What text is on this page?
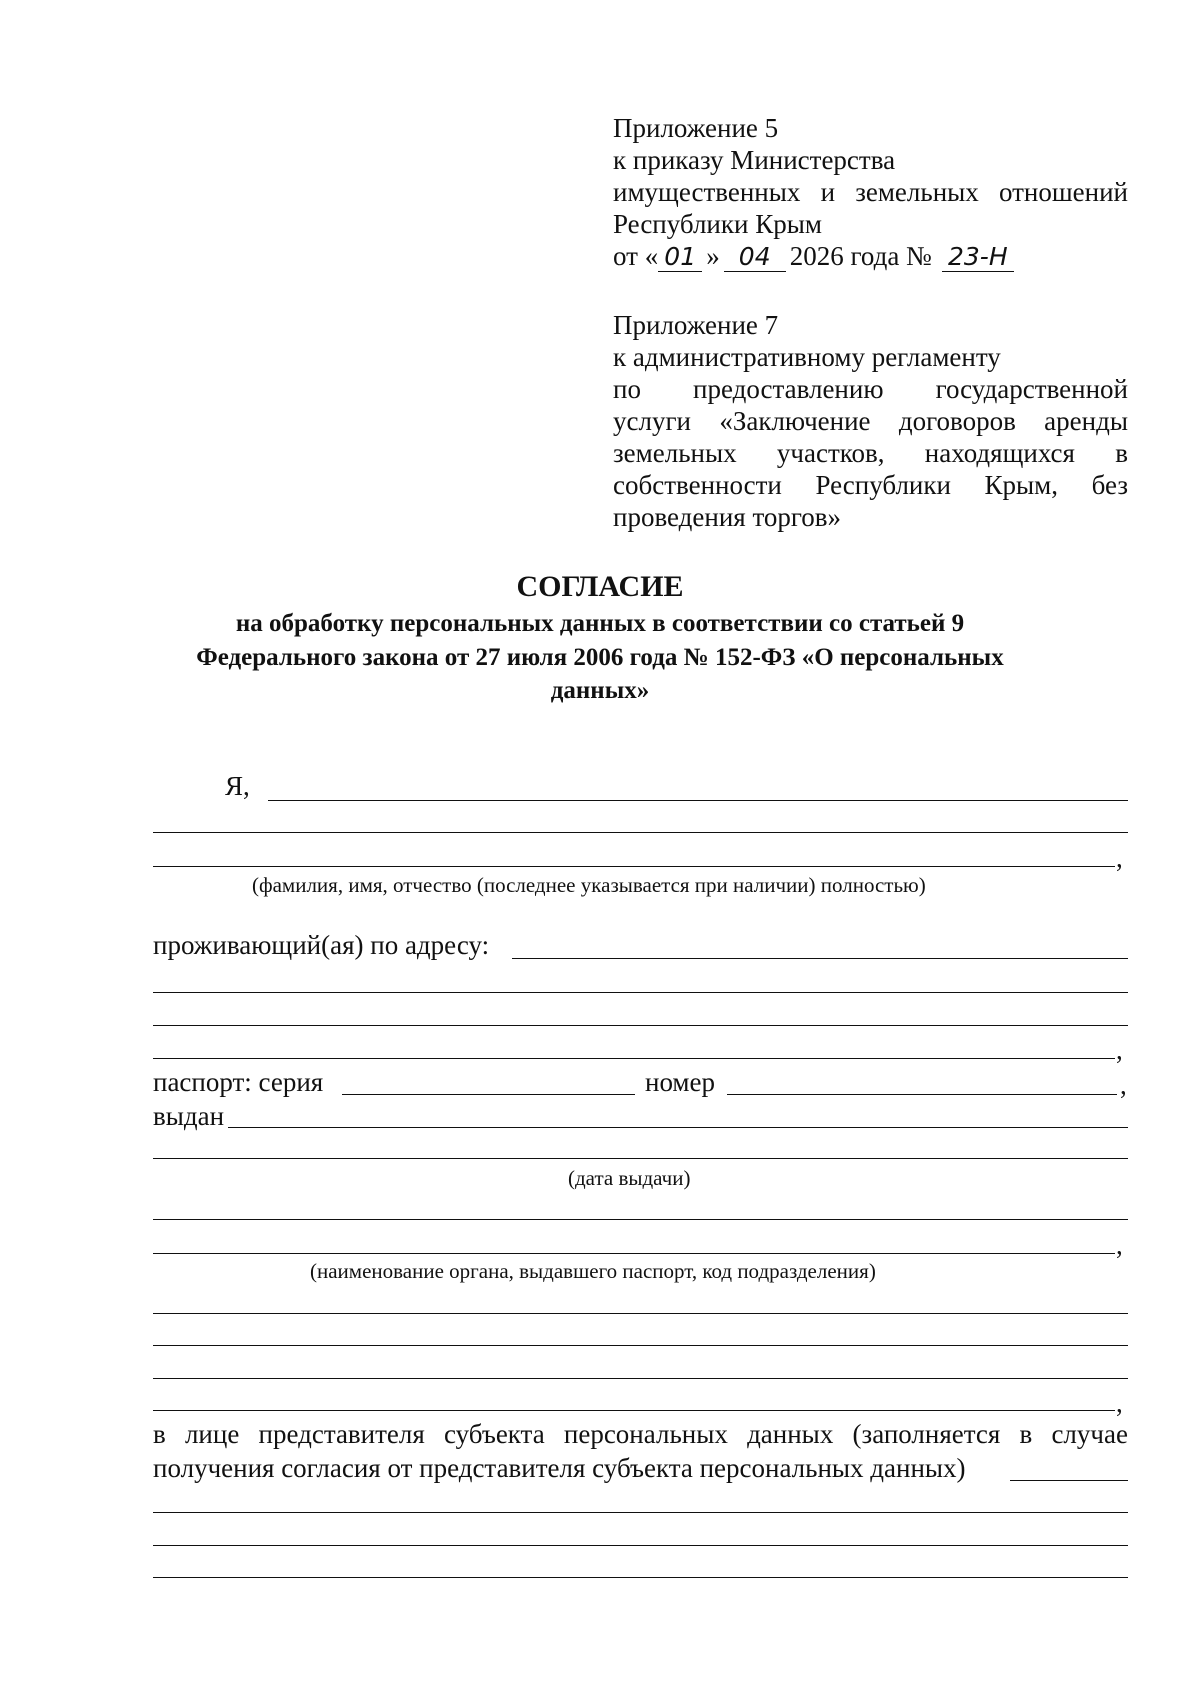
Приложение 5
к приказу Министерства
имущественных и земельных отношений
Республики Крым
от « 01 » 04 2026 года № 23-Н
Приложение 7
к административному регламенту
по предоставлению государственной
услуги «Заключение договоров аренды
земельных участков, находящихся в
собственности Республики Крым, без
проведения торгов»
СОГЛАСИЕ
на обработку персональных данных в соответствии со статьей 9
Федерального закона от 27 июля 2006 года № 152-ФЗ «О персональных
данных»
Я,
,
(фамилия, имя, отчество (последнее указывается при наличии) полностью)
проживающий(ая) по адресу:
,
паспорт: серия	номер	,
выдан
(дата выдачи)
,
(наименование органа, выдавшего паспорт, код подразделения)
,
в лице представителя субъекта персональных данных (заполняется в случае
получения согласия от представителя субъекта персональных данных)
